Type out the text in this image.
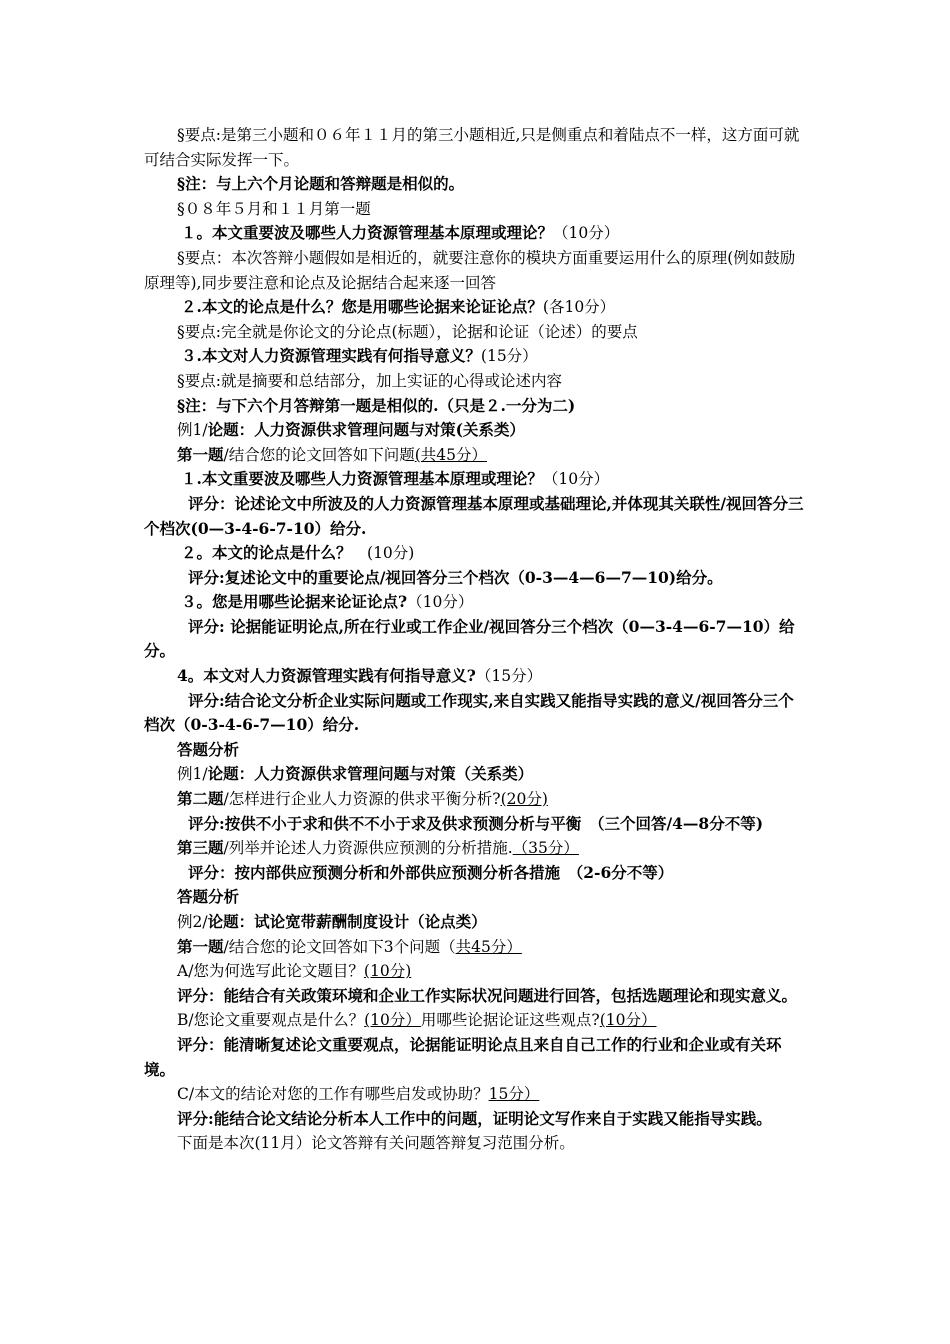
§要点:是第三小题和０６年１１月的第三小题相近,只是侧重点和着陆点不一样，这方面可就可结合实际发挥一下。

§注：与上六个月论题和答辩题是相似的。

§０８年５月和１１月第一题

１。本文重要波及哪些人力资源管理基本原理或理论？（10分）

§要点：本次答辩小题假如是相近的，就要注意你的模块方面重要运用什么的原理(例如鼓励原理等),同步要注意和论点及论据结合起来逐一回答

２.本文的论点是什么？您是用哪些论据来论证论点？(各10分）

§要点:完全就是你论文的分论点(标题），论据和论证（论述）的要点

３.本文对人力资源管理实践有何指导意义？(15分）

§要点:就是摘要和总结部分，加上实证的心得或论述内容

§注：与下六个月答辩第一题是相似的.（只是２.一分为二)

例1/论题：人力资源供求管理问题与对策(关系类）

第一题/结合您的论文回答如下问题(共45分）

１.本文重要波及哪些人力资源管理基本原理或理论？（10分）

评分：论述论文中所波及的人力资源管理基本原理或基础理论,并体现其关联性/视回答分三个档次(0—3-4-6-7-10）给分.

２。本文的论点是什么？　(10分)

评分:复述论文中的重要论点/视回答分三个档次（0-3—4—6—7—10)给分。

３。您是用哪些论据来论证论点?（10分）

评分: 论据能证明论点,所在行业或工作企业/视回答分三个档次（0—3-4—6-7—10）给分。

4。本文对人力资源管理实践有何指导意义?（15分）

评分:结合论文分析企业实际问题或工作现实,来自实践又能指导实践的意义/视回答分三个档次（0-3-4-6-7—10）给分.

答题分析

例1/论题：人力资源供求管理问题与对策（关系类）

第二题/怎样进行企业人力资源的供求平衡分析?(20分)

评分:按供不小于求和供不不小于求及供求预测分析与平衡　（三个回答/4—8分不等)

第三题/列举并论述人力资源供应预测的分析措施.（35分）

评分：按内部供应预测分析和外部供应预测分析各措施　（2-6分不等）

答题分析

例2/论题：试论宽带薪酬制度设计（论点类）

第一题/结合您的论文回答如下3个问题（共45分）

A/您为何选写此论文题目？(10分)

评分：能结合有关政策环境和企业工作实际状况问题进行回答，包括选题理论和现实意义。

B/您论文重要观点是什么？(10分）用哪些论据论证这些观点?(10分）

评分：能清晰复述论文重要观点，论据能证明论点且来自自己工作的行业和企业或有关环境。

C/本文的结论对您的工作有哪些启发或协助？15分）

评分:能结合论文结论分析本人工作中的问题，证明论文写作来自于实践又能指导实践。

下面是本次(11月）论文答辩有关问题答辩复习范围分析。
